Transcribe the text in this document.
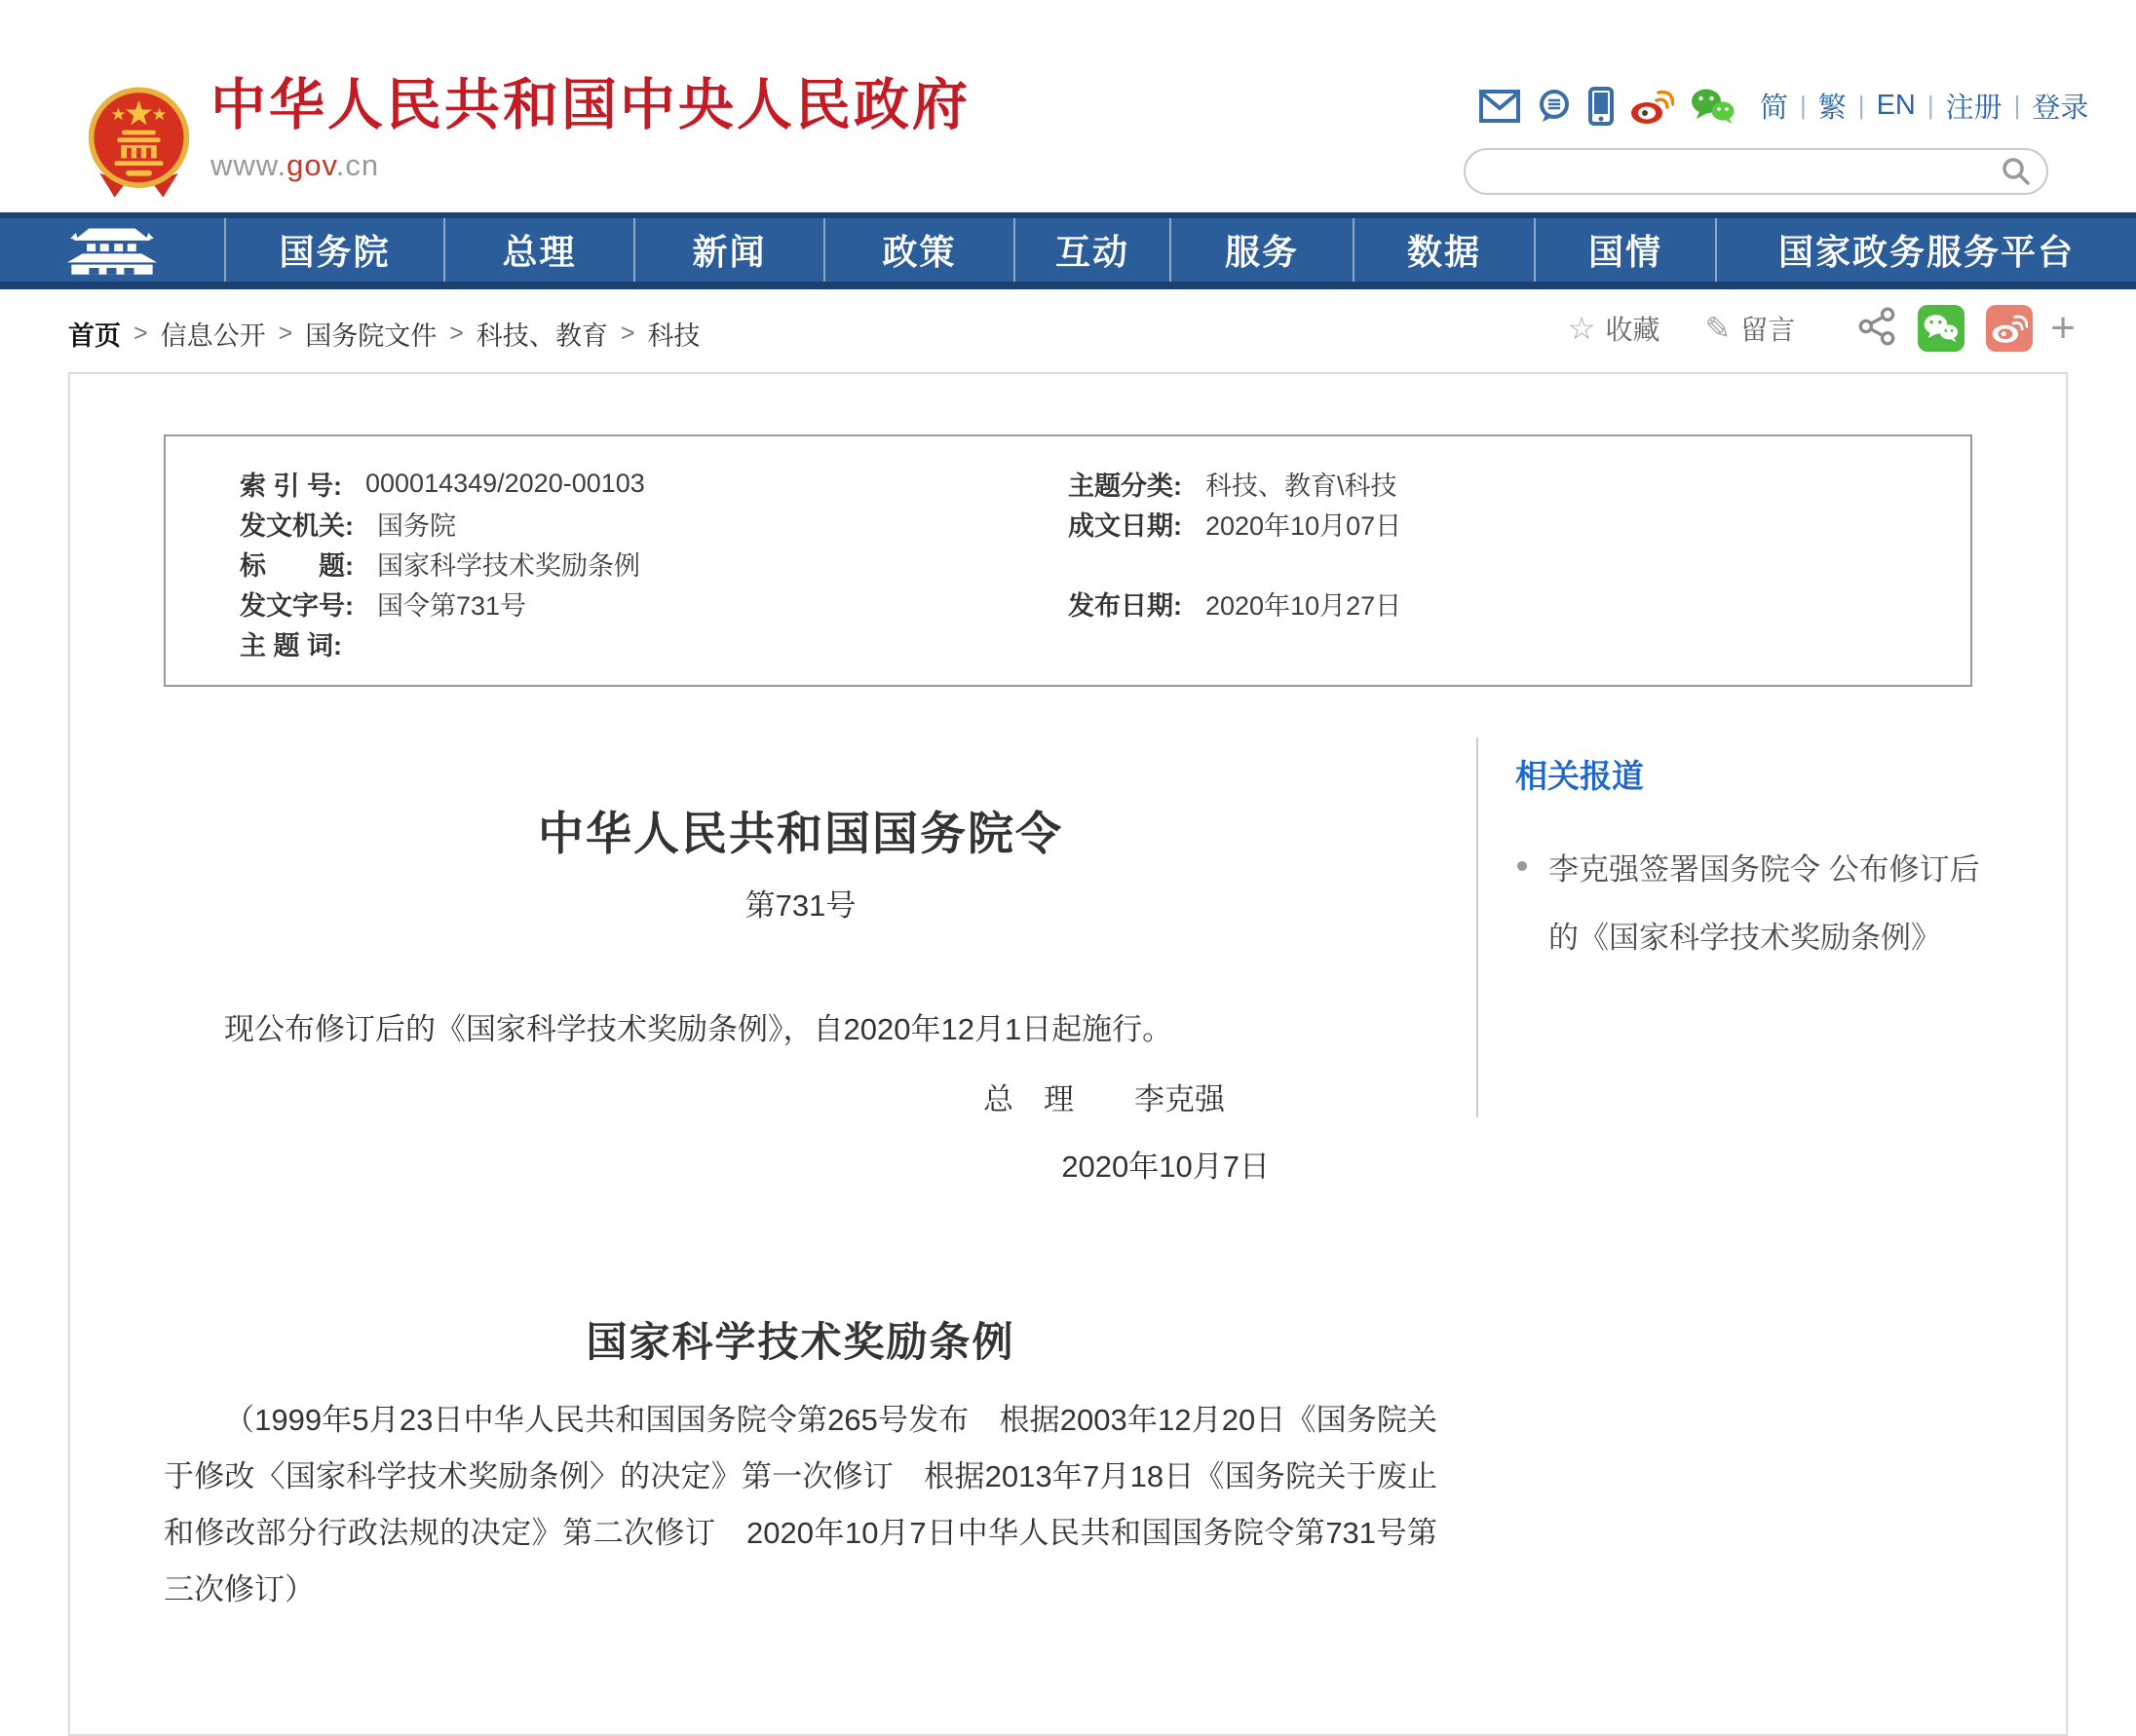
中华人民共和国中央人民政府
www.gov.cn
简 | 繁 | EN | 注册 | 登录
国务院	总理	新闻	政策	互动	服务	数据	国情	国家政务服务平台
首页 > 信息公开 > 国务院文件 > 科技、教育 > 科技	☆ 收藏 ✎ 留言	+
索 引 号: 000014349/2020-00103	主题分类: 科技、教育\科技
发文机关: 国务院	成文日期: 2020年10月07日
标　　题: 国家科学技术奖励条例
发文字号: 国令第731号	发布日期: 2020年10月27日
主 题 词:
中华人民共和国国务院令
第731号

现公布修订后的《国家科学技术奖励条例》，自2020年12月1日起施行。

总　理　　李克强
2020年10月7日
国家科学技术奖励条例

（1999年5月23日中华人民共和国国务院令第265号发布　根据2003年12月20日《国务院关于修改〈国家科学技术奖励条例〉的决定》第一次修订　根据2013年7月18日《国务院关于废止和修改部分行政法规的决定》第二次修订　2020年10月7日中华人民共和国国务院令第731号第三次修订）

相关报道
李克强签署国务院令 公布修订后的《国家科学技术奖励条例》
